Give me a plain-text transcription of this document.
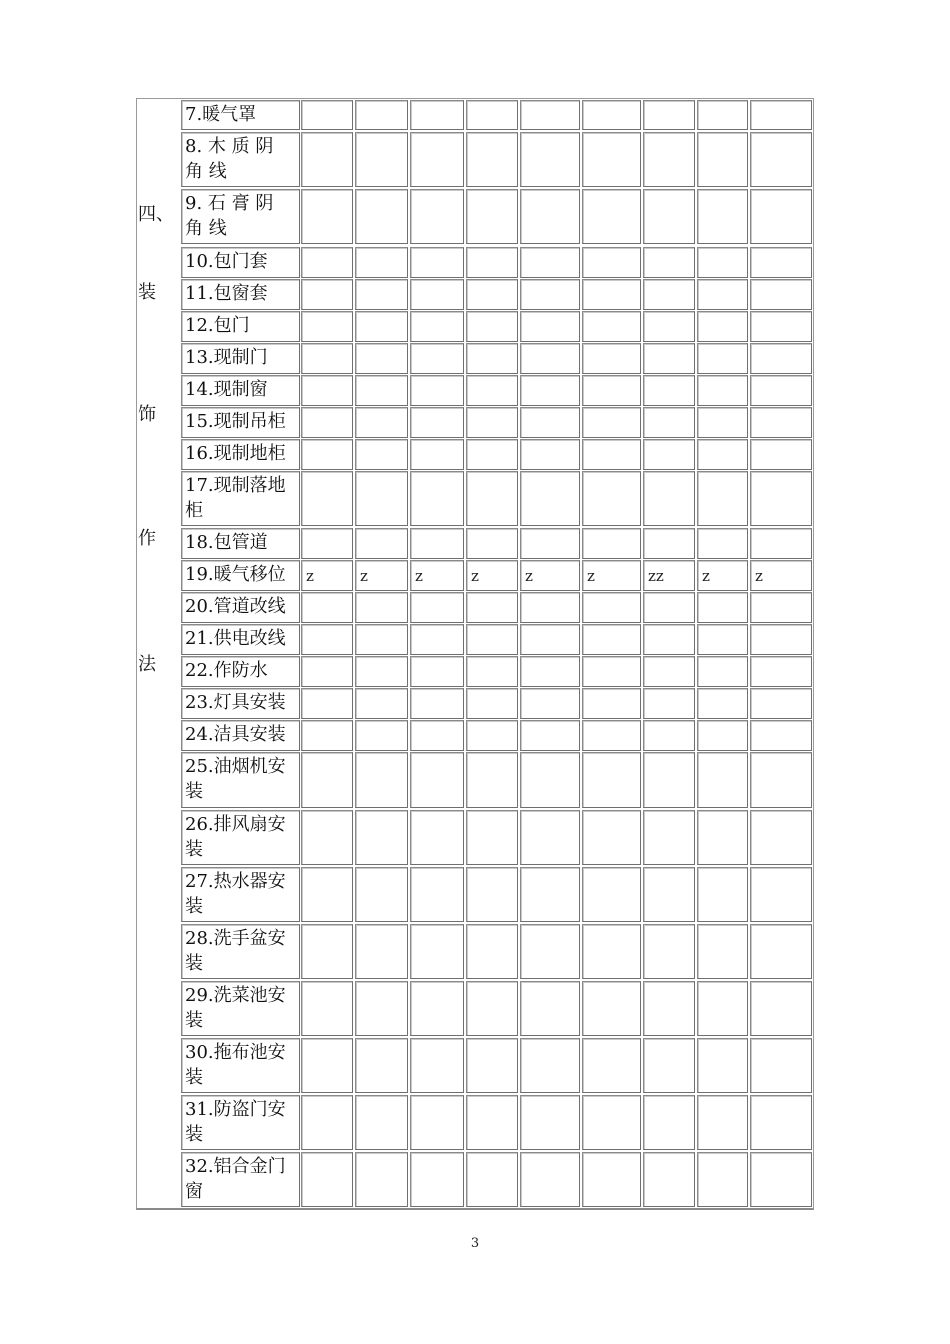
四、
装
饰
作
法
7.暖气罩
8. 木 质 阴 角 线
9. 石 膏 阴 角 线
10.包门套
11.包窗套
12.包门
13.现制门
14.现制窗
15.现制吊柜
16.现制地柜
17.现制落地柜
18.包管道
19.暖气移位	z	z	z	z	z	z	zz	z	z
20.管道改线
21.供电改线
22.作防水
23.灯具安装
24.洁具安装
25.油烟机安装
26.排风扇安装
27.热水器安装
28.洗手盆安装
29.洗菜池安装
30.拖布池安装
31.防盗门安装
32.铝合金门窗
3
